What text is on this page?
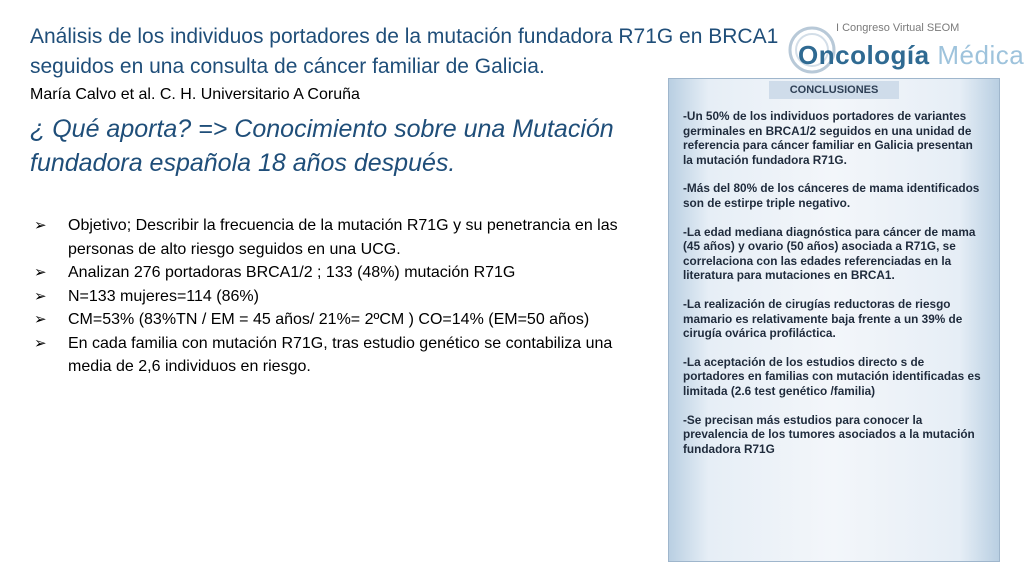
Análisis de los individuos portadores de la mutación fundadora R71G en BRCA1 seguidos en una consulta de cáncer familiar de Galicia.
María Calvo et al. C. H. Universitario A Coruña
¿ Qué aporta? => Conocimiento sobre una Mutación fundadora española 18 años después.
➢ Objetivo; Describir la frecuencia de la mutación R71G y su penetrancia en las personas de alto riesgo seguidos en una UCG.
➢ Analizan 276 portadoras BRCA1/2 ; 133 (48%) mutación R71G
➢ N=133 mujeres=114 (86%)
➢ CM=53% (83%TN / EM = 45 años/ 21%= 2ºCM ) CO=14% (EM=50 años)
➢ En cada familia con mutación R71G, tras estudio genético se contabiliza una media de 2,6 individuos en riesgo.
I Congreso Virtual SEOM
Oncología Médica
CONCLUSIONES
-Un 50% de los individuos portadores de variantes germinales en BRCA1/2 seguidos en una unidad de referencia para cáncer familiar en Galicia presentan la mutación fundadora R71G.
-Más del 80% de los cánceres de mama identificados son de estirpe triple negativo.
-La edad mediana diagnóstica para cáncer de mama (45 años) y ovario (50 años) asociada a R71G, se correlaciona con las edades referenciadas en la literatura para mutaciones en BRCA1.
-La realización de cirugías reductoras de riesgo mamario es relativamente baja frente a un 39% de cirugía ovárica profiláctica.
-La aceptación de los estudios directo s de portadores en familias con mutación identificadas es limitada (2.6 test genético /familia)
-Se precisan más estudios para conocer la prevalencia de los tumores asociados a la mutación fundadora R71G
